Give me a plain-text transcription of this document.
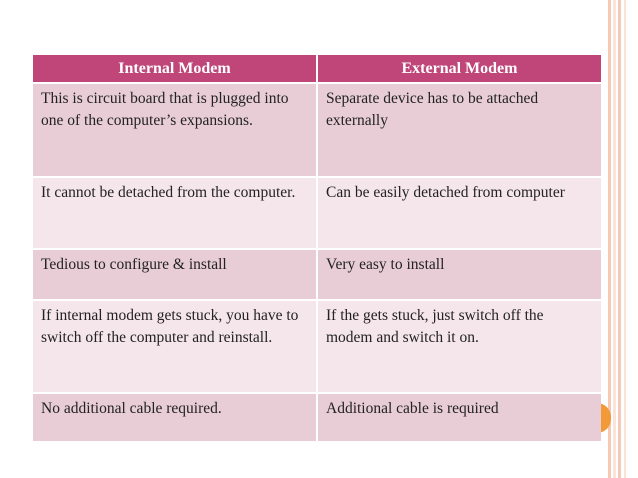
Internal Modem	External Modem
This is circuit board that is plugged into one of the computer’s expansions.	Separate device has to be attached externally
It cannot be detached from the computer.	Can be easily detached from computer
Tedious to configure & install	Very easy to install
If internal modem gets stuck, you have to switch off the computer and reinstall.	If the gets stuck, just switch off the modem and switch it on.
No additional cable required.	Additional cable is required
